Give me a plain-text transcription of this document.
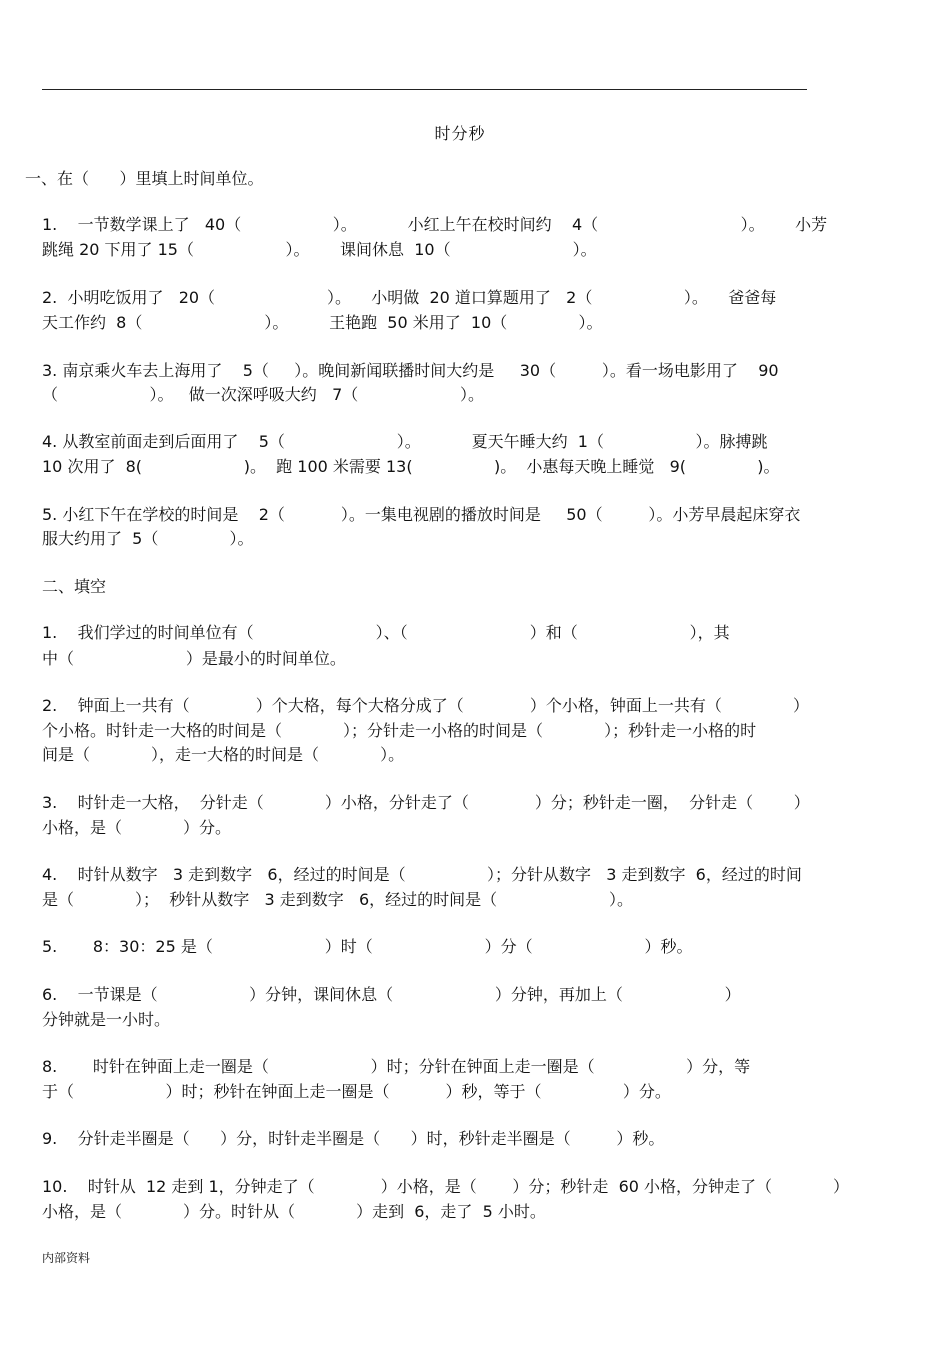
时分秒
一、在（      ）里填上时间单位。
1.    一节数学课上了   40（                  ）。          小红上午在校时间约    4（                            ）。      小芳
跳绳 20 下用了 15（                  ）。      课间休息  10（                        ）。
2.  小明吃饭用了   20（                      ）。    小明做  20 道口算题用了   2（                  ）。    爸爸每
天工作约  8（                        ）。        王艳跑  50 米用了  10（              ）。
3. 南京乘火车去上海用了    5（     ）。晚间新闻联播时间大约是     30（         ）。看一场电影用了    90
（                  ）。   做一次深呼吸大约   7（                    ）。
4. 从教室前面走到后面用了    5（                      ）。          夏天午睡大约  1（                  ）。脉搏跳
10 次用了  8(                    )。  跑 100 米需要 13(                )。  小惠每天晚上睡觉   9(              )。
5. 小红下午在学校的时间是    2（           ）。一集电视剧的播放时间是     50（         ）。小芳早晨起床穿衣
服大约用了  5（              ）。
二、填空
1.    我们学过的时间单位有（                        ）、（                        ）和（                      ），其
中（                      ）是最小的时间单位。
2.    钟面上一共有（             ）个大格，每个大格分成了（             ）个小格，钟面上一共有（              ）
个小格。时针走一大格的时间是（            ）；分针走一小格的时间是（            ）；秒针走一小格的时
间是（            ），走一大格的时间是（            ）。
3.    时针走一大格，  分针走（            ）小格，分针走了（             ）分；秒针走一圈，  分针走（        ）
小格，是（            ）分。
4.    时针从数字   3 走到数字   6，经过的时间是（                ）；分针从数字   3 走到数字  6，经过的时间
是（            ）；  秒针从数字   3 走到数字   6，经过的时间是（                      ）。
5.       8：30：25 是（                      ）时（                      ）分（                      ）秒。
6.    一节课是（                  ）分钟，课间休息（                    ）分钟，再加上（                    ）
分钟就是一小时。
8.       时针在钟面上走一圈是（                    ）时；分针在钟面上走一圈是（                  ）分，等
于（                  ）时；秒针在钟面上走一圈是（           ）秒，等于（                ）分。
9.    分针走半圈是（      ）分，时针走半圈是（      ）时，秒针走半圈是（         ）秒。
10.    时针从  12 走到 1，分钟走了（             ）小格，是（       ）分；秒针走  60 小格，分钟走了（            ）
小格，是（            ）分。时针从（            ）走到  6，走了  5 小时。
内部资料
